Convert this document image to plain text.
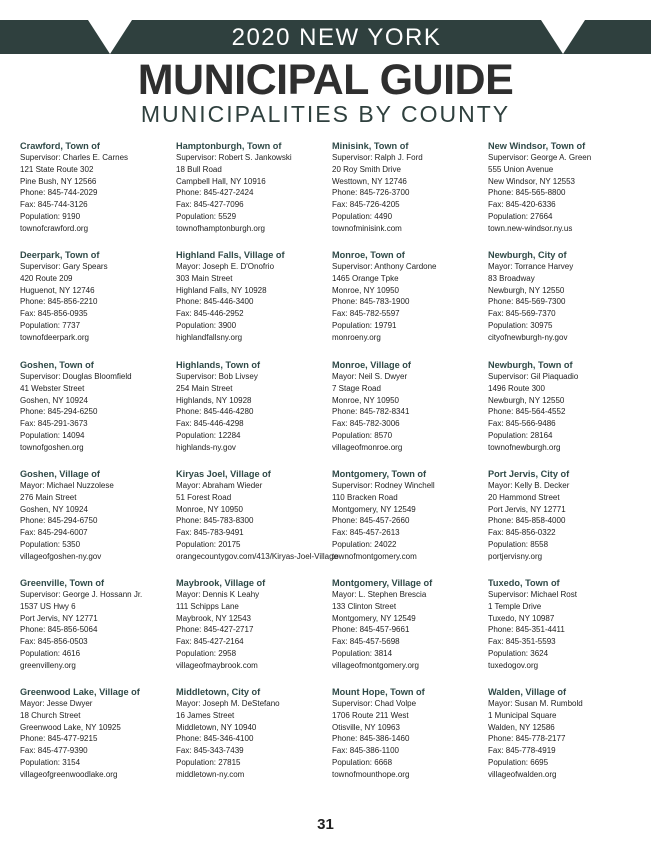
2020 NEW YORK
MUNICIPAL GUIDE
MUNICIPALITIES BY COUNTY
Crawford, Town of
Supervisor: Charles E. Carnes
121 State Route 302
Pine Bush, NY 12566
Phone: 845-744-2029
Fax: 845-744-3126
Population: 9190
townofcrawford.org
Deerpark, Town of
Supervisor: Gary Spears
420 Route 209
Huguenot, NY 12746
Phone: 845-856-2210
Fax: 845-856-0935
Population: 7737
townofdeerpark.org
Goshen, Town of
Supervisor: Douglas Bloomfield
41 Webster Street
Goshen, NY 10924
Phone: 845-294-6250
Fax: 845-291-3673
Population: 14094
townofgoshen.org
Goshen, Village of
Mayor: Michael Nuzzolese
276 Main Street
Goshen, NY 10924
Phone: 845-294-6750
Fax: 845-294-6007
Population: 5350
villageofgoshen-ny.gov
Greenville, Town of
Supervisor: George J. Hossann Jr.
1537 US Hwy 6
Port Jervis, NY 12771
Phone: 845-856-5064
Fax: 845-856-0503
Population: 4616
greenvilleny.org
Greenwood Lake, Village of
Mayor: Jesse Dwyer
18 Church Street
Greenwood Lake, NY 10925
Phone: 845-477-9215
Fax: 845-477-9390
Population: 3154
villageofgreenwoodlake.org
Hamptonburgh, Town of
Supervisor: Robert S. Jankowski
18 Bull Road
Campbell Hall, NY 10916
Phone: 845-427-2424
Fax: 845-427-7096
Population: 5529
townofhamptonburgh.org
Highland Falls, Village of
Mayor: Joseph E. D'Onofrio
303 Main Street
Highland Falls, NY 10928
Phone: 845-446-3400
Fax: 845-446-2952
Population: 3900
highlandfallsny.org
Highlands, Town of
Supervisor: Bob Livsey
254 Main Street
Highlands, NY 10928
Phone: 845-446-4280
Fax: 845-446-4298
Population: 12284
highlands-ny.gov
Kiryas Joel, Village of
Mayor: Abraham Wieder
51 Forest Road
Monroe, NY 10950
Phone: 845-783-8300
Fax: 845-783-9491
Population: 20175
orangecountygov.com/413/Kiryas-Joel-Village
Maybrook, Village of
Mayor: Dennis K Leahy
111 Schipps Lane
Maybrook, NY 12543
Phone: 845-427-2717
Fax: 845-427-2164
Population: 2958
villageofmaybrook.com
Middletown, City of
Mayor: Joseph M. DeStefano
16 James Street
Middletown, NY 10940
Phone: 845-346-4100
Fax: 845-343-7439
Population: 27815
middletown-ny.com
Minisink, Town of
Supervisor: Ralph J. Ford
20 Roy Smith Drive
Westtown, NY 12746
Phone: 845-726-3700
Fax: 845-726-4205
Population: 4490
townofminisink.com
Monroe, Town of
Supervisor: Anthony Cardone
1465 Orange Tpke
Monroe, NY 10950
Phone: 845-783-1900
Fax: 845-782-5597
Population: 19791
monroeny.org
Monroe, Village of
Mayor: Neil S. Dwyer
7 Stage Road
Monroe, NY 10950
Phone: 845-782-8341
Fax: 845-782-3006
Population: 8570
villageofmonroe.org
Montgomery, Town of
Supervisor: Rodney Winchell
110 Bracken Road
Montgomery, NY 12549
Phone: 845-457-2660
Fax: 845-457-2613
Population: 24022
townofmontgomery.com
Montgomery, Village of
Mayor: L. Stephen Brescia
133 Clinton Street
Montgomery, NY 12549
Phone: 845-457-9661
Fax: 845-457-5698
Population: 3814
villageofmontgomery.org
Mount Hope, Town of
Supervisor: Chad Volpe
1706 Route 211 West
Otisville, NY 10963
Phone: 845-386-1460
Fax: 845-386-1100
Population: 6668
townofmounthope.org
New Windsor, Town of
Supervisor: George A. Green
555 Union Avenue
New Windsor, NY 12553
Phone: 845-565-8800
Fax: 845-420-6336
Population: 27664
town.new-windsor.ny.us
Newburgh, City of
Mayor: Torrance Harvey
83 Broadway
Newburgh, NY 12550
Phone: 845-569-7300
Fax: 845-569-7370
Population: 30975
cityofnewburgh-ny.gov
Newburgh, Town of
Supervisor: Gil Piaquadio
1496 Route 300
Newburgh, NY 12550
Phone: 845-564-4552
Fax: 845-566-9486
Population: 28164
townofnewburgh.org
Port Jervis, City of
Mayor: Kelly B. Decker
20 Hammond Street
Port Jervis, NY 12771
Phone: 845-858-4000
Fax: 845-856-0322
Population: 8558
portjervisny.org
Tuxedo, Town of
Supervisor: Michael Rost
1 Temple Drive
Tuxedo, NY 10987
Phone: 845-351-4411
Fax: 845-351-5593
Population: 3624
tuxedogov.org
Walden, Village of
Mayor: Susan M. Rumbold
1 Municipal Square
Walden, NY 12586
Phone: 845-778-2177
Fax: 845-778-4919
Population: 6695
villageofwalden.org
31
